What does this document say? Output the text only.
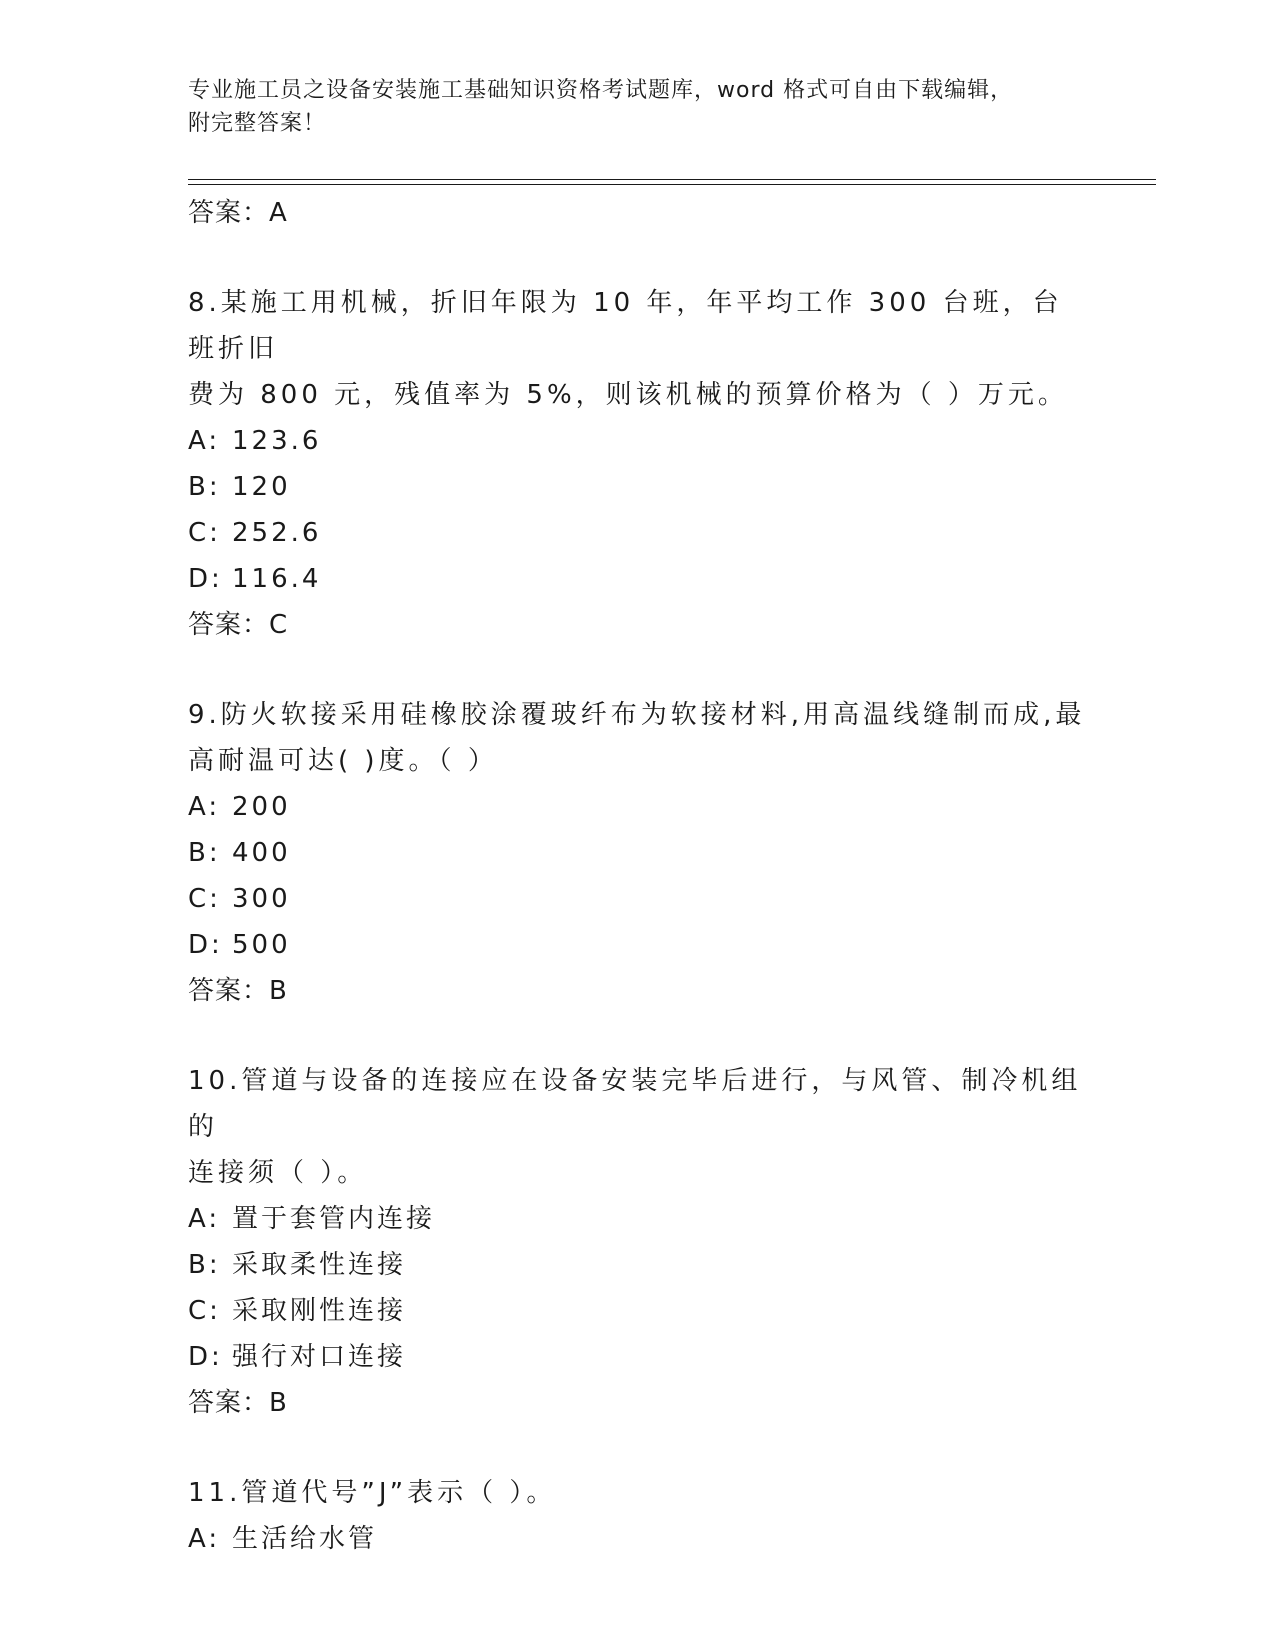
专业施工员之设备安装施工基础知识资格考试题库，word 格式可自由下载编辑，
附完整答案！
答案：A
8.某施工用机械，折旧年限为 10 年，年平均工作 300 台班，台班折旧
费为 800 元，残值率为 5%，则该机械的预算价格为（ ）万元。
A: 123.6
B: 120
C: 252.6
D: 116.4
答案：C
9.防火软接采用硅橡胶涂覆玻纤布为软接材料,用高温线缝制而成,最
高耐温可达( )度。（ ）
A: 200
B: 400
C: 300
D: 500
答案：B
10.管道与设备的连接应在设备安装完毕后进行，与风管、制冷机组的
连接须（ ）。
A: 置于套管内连接
B: 采取柔性连接
C: 采取刚性连接
D: 强行对口连接
答案：B
11.管道代号”J”表示（ ）。
A: 生活给水管
